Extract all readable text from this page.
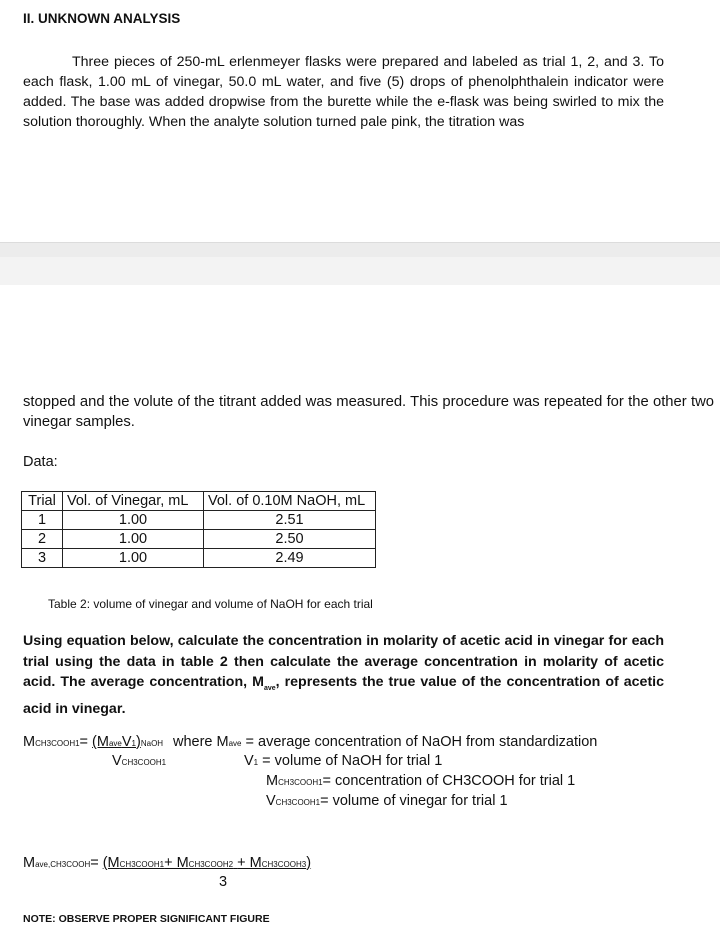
II. UNKNOWN ANALYSIS

Three pieces of 250-mL erlenmeyer flasks were prepared and labeled as trial 1, 2, and 3. To each flask, 1.00 mL of vinegar, 50.0 mL water, and five (5) drops of phenolphthalein indicator were added. The base was added dropwise from the burette while the e-flask was being swirled to mix the solution thoroughly. When the analyte solution turned pale pink, the titration was

stopped and the volute of the titrant added was measured. This procedure was repeated for the other two vinegar samples.
Data:
Trial	Vol. of Vinegar, mL	Vol. of 0.10M NaOH, mL
1	1.00	2.51
2	1.00	2.50
3	1.00	2.49
Table 2: volume of vinegar and volume of NaOH for each trial
Using equation below, calculate the concentration in molarity of acetic acid in vinegar for each trial using the data in table 2 then calculate the average concentration in molarity of acetic acid. The average concentration, $M_{ave}$, represents the true value of the concentration of acetic acid in vinegar.
MCH3COOH1= (MaveV1)NaOH
VCH3COOH1
where Mave = average concentration of NaOH from standardization
V1 = volume of NaOH for trial 1
MCH3COOH1= concentration of CH3COOH for trial 1
VCH3COOH1= volume of vinegar for trial 1
Mave,CH3COOH= (MCH3COOH1+ MCH3COOH2 + MCH3COOH3)
3
NOTE: OBSERVE PROPER SIGNIFICANT FIGURE
